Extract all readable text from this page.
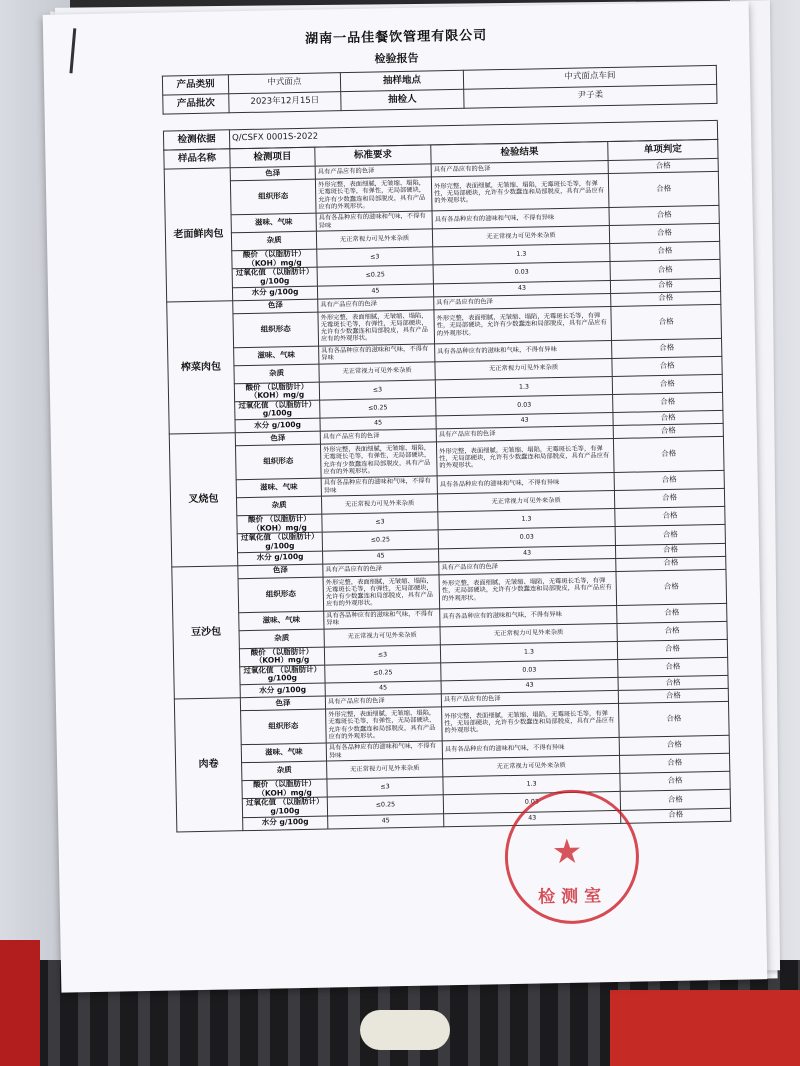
湖南一品佳餐饮管理有限公司
检验报告
产品类别	中式面点	抽样地点	中式面点车间
产品批次	2023年12月15日	抽检人	尹子柔

检测依据	Q/CSFX 0001S-2022		
样品名称	检测项目	标准要求	检验结果	单项判定
老面鲜肉包	色泽	具有产品应有的色泽	具有产品应有的色泽	合格
	组织形态	外形完整，表面细腻，无皱缩、塌陷，无霉斑长毛等，有弹性，无局部硬块，允许有少数蠢连和局部脱皮，具有产品应有的外观形状。	外形完整，表面细腻，无皱缩、塌陷，无霉斑长毛等，有弹性，无局部硬块，允许有少数蠢连和局部脱皮，具有产品应有的外观形状。	合格
	滋味、气味	具有各品种应有的滋味和气味，不得有异味	具有各品种应有的滋味和气味，不得有异味	合格
	杂质	无正常视力可见外来杂质	无正常视力可见外来杂质	合格
	酸价 （以脂肪计）（KOH）mg/g	≤3	1.3	合格
	过氧化值 （以脂肪计）g/100g	≤0.25	0.03	合格
	水分 g/100g	45	43	合格
榨菜肉包	色泽	具有产品应有的色泽	具有产品应有的色泽	合格
	组织形态	外形完整，表面细腻，无皱缩、塌陷，无霉斑长毛等，有弹性，无局部硬块，允许有少数蠢连和局部脱皮，具有产品应有的外观形状。	外形完整，表面细腻，无皱缩、塌陷，无霉斑长毛等，有弹性，无局部硬块，允许有少数蠢连和局部脱皮，具有产品应有的外观形状。	合格
	滋味、气味	具有各品种应有的滋味和气味，不得有异味	具有各品种应有的滋味和气味，不得有异味	合格
	杂质	无正常视力可见外来杂质	无正常视力可见外来杂质	合格
	酸价 （以脂肪计）（KOH）mg/g	≤3	1.3	合格
	过氧化值 （以脂肪计）g/100g	≤0.25	0.03	合格
	水分 g/100g	45	43	合格
叉烧包	色泽	具有产品应有的色泽	具有产品应有的色泽	合格
	组织形态	外形完整，表面细腻，无皱缩、塌陷，无霉斑长毛等，有弹性，无局部硬块，允许有少数蠢连和局部脱皮，具有产品应有的外观形状。	外形完整，表面细腻，无皱缩、塌陷，无霉斑长毛等，有弹性，无局部硬块，允许有少数蠢连和局部脱皮，具有产品应有的外观形状。	合格
	滋味、气味	具有各品种应有的滋味和气味，不得有异味	具有各品种应有的滋味和气味，不得有异味	合格
	杂质	无正常视力可见外来杂质	无正常视力可见外来杂质	合格
	酸价 （以脂肪计）（KOH）mg/g	≤3	1.3	合格
	过氧化值 （以脂肪计）g/100g	≤0.25	0.03	合格
	水分 g/100g	45	43	合格
豆沙包	色泽	具有产品应有的色泽	具有产品应有的色泽	合格
	组织形态	外形完整，表面细腻，无皱缩、塌陷，无霉斑长毛等，有弹性，无局部硬块，允许有少数蠢连和局部脱皮，具有产品应有的外观形状。	外形完整，表面细腻，无皱缩、塌陷，无霉斑长毛等，有弹性，无局部硬块，允许有少数蠢连和局部脱皮，具有产品应有的外观形状。	合格
	滋味、气味	具有各品种应有的滋味和气味，不得有异味	具有各品种应有的滋味和气味，不得有异味	合格
	杂质	无正常视力可见外来杂质	无正常视力可见外来杂质	合格
	酸价 （以脂肪计）（KOH）mg/g	≤3	1.3	合格
	过氧化值 （以脂肪计）g/100g	≤0.25	0.03	合格
	水分 g/100g	45	43	合格
肉卷	色泽	具有产品应有的色泽	具有产品应有的色泽	合格
	组织形态	外形完整，表面细腻，无皱缩、塌陷，无霉斑长毛等，有弹性，无局部硬块，允许有少数蠢连和局部脱皮，具有产品应有的外观形状。	外形完整，表面细腻，无皱缩、塌陷，无霉斑长毛等，有弹性，无局部硬块，允许有少数蠢连和局部脱皮，具有产品应有的外观形状。	合格
	滋味、气味	具有各品种应有的滋味和气味，不得有异味	具有各品种应有的滋味和气味，不得有异味	合格
	杂质	无正常视力可见外来杂质	无正常视力可见外来杂质	合格
	酸价 （以脂肪计）（KOH）mg/g	≤3	1.3	合格
	过氧化值 （以脂肪计）g/100g	≤0.25	0.03	合格
	水分 g/100g	45	43	合格
★
检测室
